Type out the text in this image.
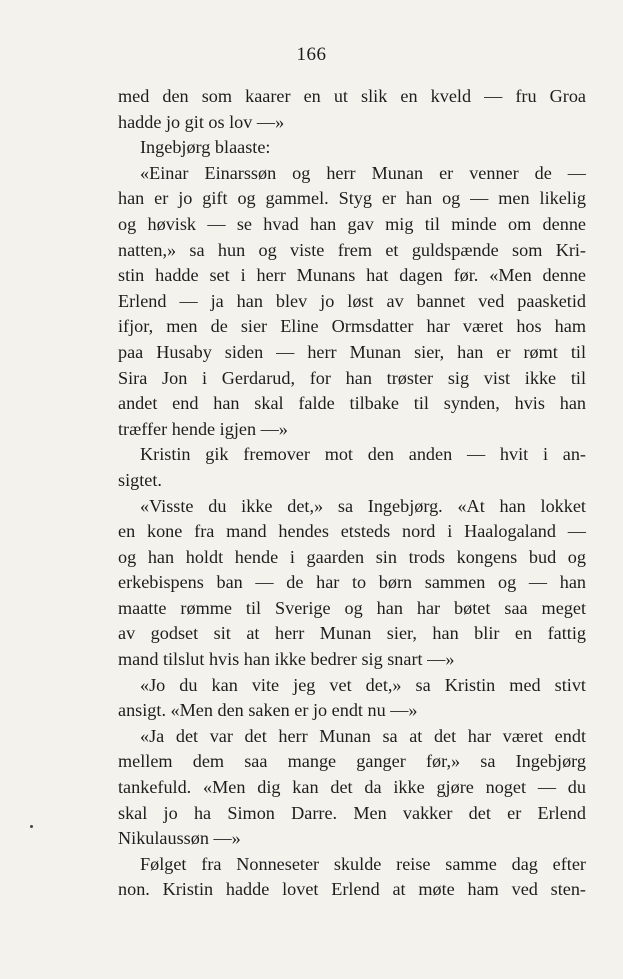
166
med den som kaarer en ut slik en kveld — fru Groa
hadde jo git os lov —»
Ingebjørg blaaste:
«Einar Einarssøn og herr Munan er venner de —
han er jo gift og gammel. Styg er han og — men likelig
og høvisk — se hvad han gav mig til minde om denne
natten,» sa hun og viste frem et guldspænde som Kri-
stin hadde set i herr Munans hat dagen før. «Men denne
Erlend — ja han blev jo løst av bannet ved paasketid
ifjor, men de sier Eline Ormsdatter har været hos ham
paa Husaby siden — herr Munan sier, han er rømt til
Sira Jon i Gerdarud, for han trøster sig vist ikke til
andet end han skal falde tilbake til synden, hvis han
træffer hende igjen —»
Kristin gik fremover mot den anden — hvit i an-
sigtet.
«Visste du ikke det,» sa Ingebjørg. «At han lokket
en kone fra mand hendes etsteds nord i Haalogaland —
og han holdt hende i gaarden sin trods kongens bud og
erkebispens ban — de har to børn sammen og — han
maatte rømme til Sverige og han har bøtet saa meget
av godset sit at herr Munan sier, han blir en fattig
mand tilslut hvis han ikke bedrer sig snart —»
«Jo du kan vite jeg vet det,» sa Kristin med stivt
ansigt. «Men den saken er jo endt nu —»
«Ja det var det herr Munan sa at det har været endt
mellem dem saa mange ganger før,» sa Ingebjørg
tankefuld. «Men dig kan det da ikke gjøre noget — du
skal jo ha Simon Darre. Men vakker det er Erlend
Nikulaussøn —»
Følget fra Nonneseter skulde reise samme dag efter
non. Kristin hadde lovet Erlend at møte ham ved sten-
